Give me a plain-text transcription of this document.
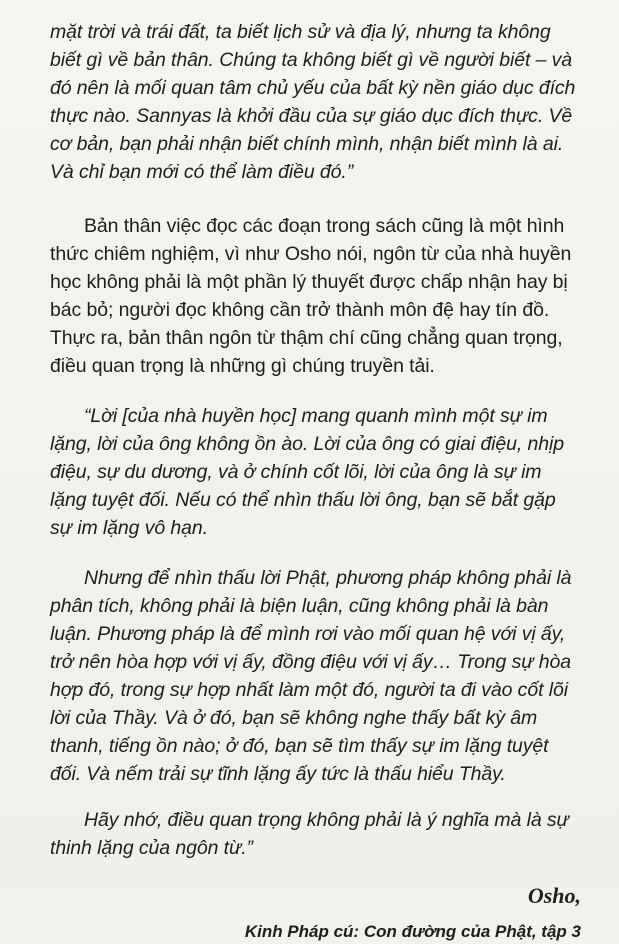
mặt trời và trái đất, ta biết lịch sử và địa lý, nhưng ta không biết gì về bản thân. Chúng ta không biết gì về người biết – và đó nên là mối quan tâm chủ yếu của bất kỳ nền giáo dục đích thực nào. Sannyas là khởi đầu của sự giáo dục đích thực. Về cơ bản, bạn phải nhận biết chính mình, nhận biết mình là ai. Và chỉ bạn mới có thể làm điều đó.”

Bản thân việc đọc các đoạn trong sách cũng là một hình thức chiêm nghiệm, vì như Osho nói, ngôn từ của nhà huyền học không phải là một phần lý thuyết được chấp nhận hay bị bác bỏ; người đọc không cần trở thành môn đệ hay tín đồ. Thực ra, bản thân ngôn từ thậm chí cũng chẳng quan trọng, điều quan trọng là những gì chúng truyền tải.

“Lời [của nhà huyền học] mang quanh mình một sự im lặng, lời của ông không ồn ào. Lời của ông có giai điệu, nhịp điệu, sự du dương, và ở chính cốt lõi, lời của ông là sự im lặng tuyệt đối. Nếu có thể nhìn thấu lời ông, bạn sẽ bắt gặp sự im lặng vô hạn.

Nhưng để nhìn thấu lời Phật, phương pháp không phải là phân tích, không phải là biện luận, cũng không phải là bàn luận. Phương pháp là để mình rơi vào mối quan hệ với vị ấy, trở nên hòa hợp với vị ấy, đồng điệu với vị ấy… Trong sự hòa hợp đó, trong sự hợp nhất làm một đó, người ta đi vào cốt lõi lời của Thầy. Và ở đó, bạn sẽ không nghe thấy bất kỳ âm thanh, tiếng ồn nào; ở đó, bạn sẽ tìm thấy sự im lặng tuyệt đối. Và nếm trải sự tĩnh lặng ấy tức là thấu hiểu Thầy.

Hãy nhớ, điều quan trọng không phải là ý nghĩa mà là sự thinh lặng của ngôn từ.”

Osho,
Kinh Pháp cú: Con đường của Phật, tập 3
